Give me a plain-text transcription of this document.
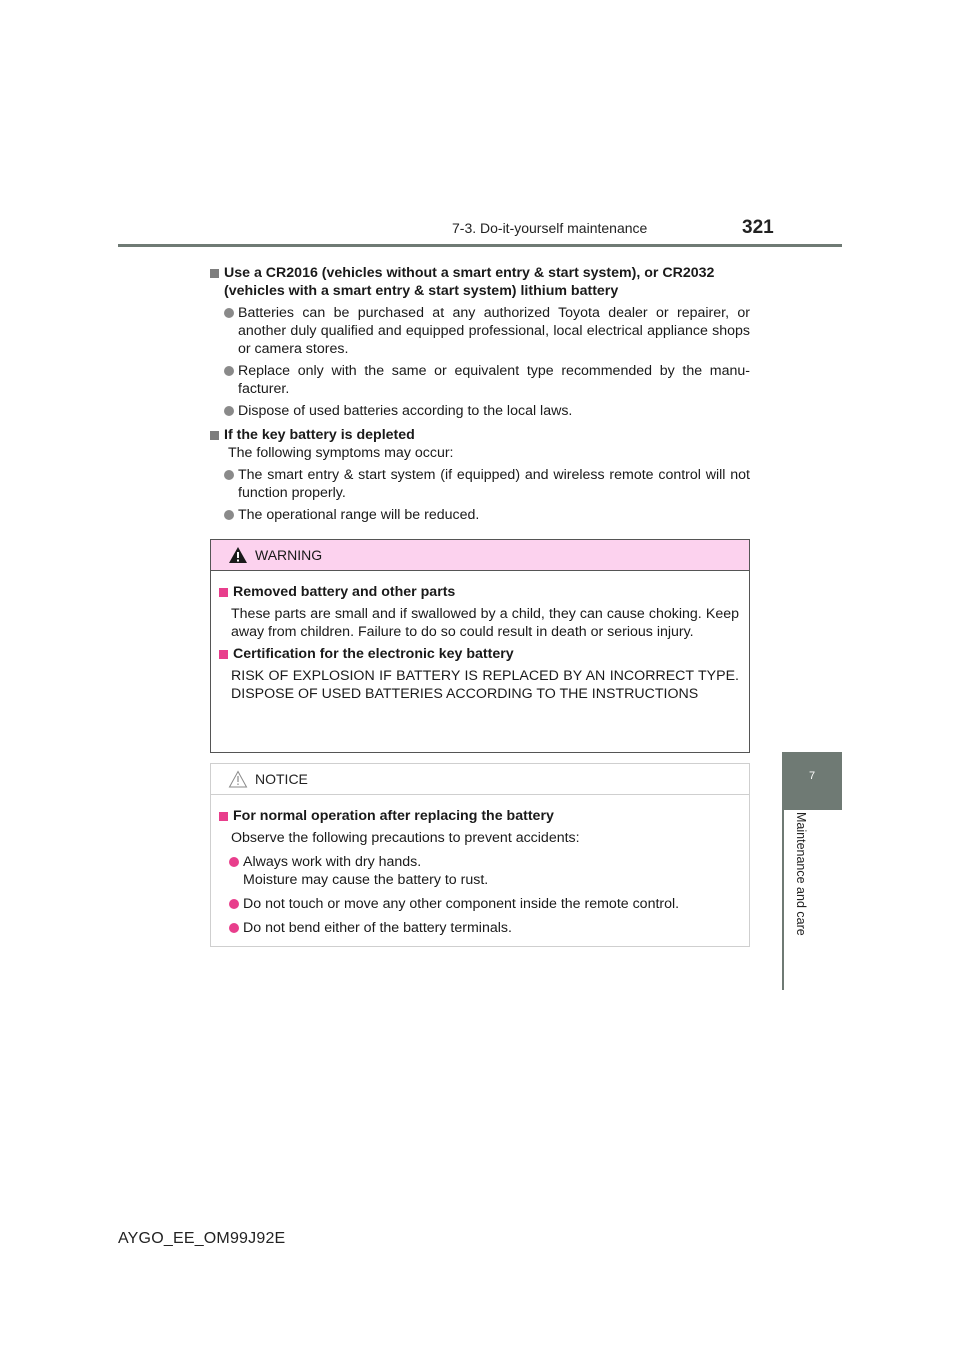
7-3. Do-it-yourself maintenance	321
7
Maintenance and care
Use a CR2016 (vehicles without a smart entry & start system), or CR2032 (vehicles with a smart entry & start system) lithium battery
Batteries can be purchased at any authorized Toyota dealer or repairer, or another duly qualified and equipped professional, local electrical appliance shops or camera stores.
Replace only with the same or equivalent type recommended by the manu-facturer.
Dispose of used batteries according to the local laws.
If the key battery is depleted
The following symptoms may occur:
The smart entry & start system (if equipped) and wireless remote control will not function properly.
The operational range will be reduced.
WARNING
Removed battery and other parts
These parts are small and if swallowed by a child, they can cause choking. Keep away from children. Failure to do so could result in death or serious injury.
Certification for the electronic key battery
RISK OF EXPLOSION IF BATTERY IS REPLACED BY AN INCORRECT TYPE. DISPOSE OF USED BATTERIES ACCORDING TO THE INSTRUCTIONS
NOTICE
For normal operation after replacing the battery
Observe the following precautions to prevent accidents:
Always work with dry hands.
Moisture may cause the battery to rust.
Do not touch or move any other component inside the remote control.
Do not bend either of the battery terminals.
AYGO_EE_OM99J92E
